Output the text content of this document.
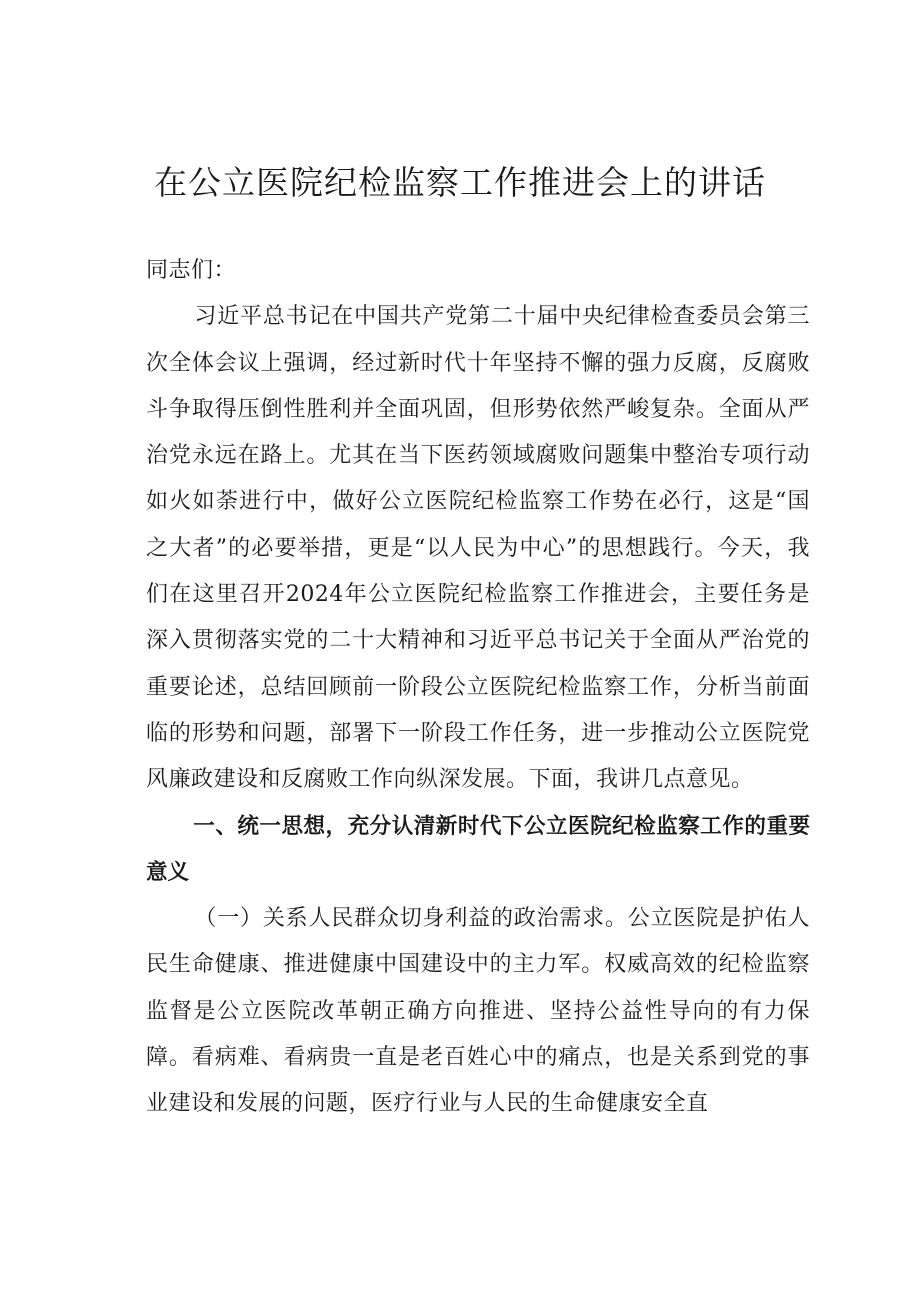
在公立医院纪检监察工作推进会上的讲话

同志们：

习近平总书记在中国共产党第二十届中央纪律检查委员会第三次全体会议上强调，经过新时代十年坚持不懈的强力反腐，反腐败斗争取得压倒性胜利并全面巩固，但形势依然严峻复杂。全面从严治党永远在路上。尤其在当下医药领域腐败问题集中整治专项行动如火如荼进行中，做好公立医院纪检监察工作势在必行，这是“国之大者”的必要举措，更是“以人民为中心”的思想践行。今天，我们在这里召开2024年公立医院纪检监察工作推进会，主要任务是深入贯彻落实党的二十大精神和习近平总书记关于全面从严治党的重要论述，总结回顾前一阶段公立医院纪检监察工作，分析当前面临的形势和问题，部署下一阶段工作任务，进一步推动公立医院党风廉政建设和反腐败工作向纵深发展。下面，我讲几点意见。

一、统一思想，充分认清新时代下公立医院纪检监察工作的重要意义

（一）关系人民群众切身利益的政治需求。公立医院是护佑人民生命健康、推进健康中国建设中的主力军。权威高效的纪检监察监督是公立医院改革朝正确方向推进、坚持公益性导向的有力保障。看病难、看病贵一直是老百姓心中的痛点，也是关系到党的事业建设和发展的问题，医疗行业与人民的生命健康安全直
